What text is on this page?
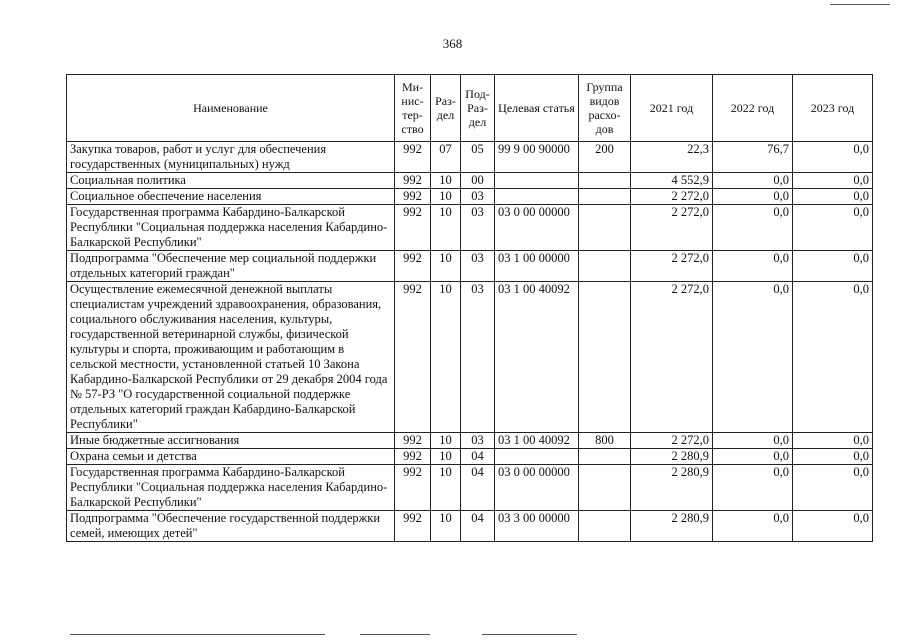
368
Наименование	Ми-нис-тер-ство	Раз-дел	Под-Раз-дел	Целевая статья	Группа видов расхо-дов	2021 год	2022 год	2023 год
Закупка товаров, работ и услуг для обеспечения государственных (муниципальных) нужд	992	07	05	99 9 00 90000	200	22,3	76,7	0,0
Социальная политика	992	10	00			4 552,9	0,0	0,0
Социальное обеспечение населения	992	10	03			2 272,0	0,0	0,0
Государственная программа Кабардино-Балкарской Республики "Социальная поддержка населения Кабардино-Балкарской Республики"	992	10	03	03 0 00 00000		2 272,0	0,0	0,0
Подпрограмма "Обеспечение мер социальной поддержки отдельных категорий граждан"	992	10	03	03 1 00 00000		2 272,0	0,0	0,0
Осуществление ежемесячной денежной выплаты специалистам учреждений здравоохранения, образования, социального обслуживания населения, культуры, государственной ветеринарной службы, физической культуры и спорта, проживающим и работающим в сельской местности, установленной статьей 10 Закона Кабардино-Балкарской Республики от 29 декабря 2004 года № 57-РЗ "О государственной социальной поддержке отдельных категорий граждан Кабардино-Балкарской Республики"	992	10	03	03 1 00 40092		2 272,0	0,0	0,0
Иные бюджетные ассигнования	992	10	03	03 1 00 40092	800	2 272,0	0,0	0,0
Охрана семьи и детства	992	10	04			2 280,9	0,0	0,0
Государственная программа Кабардино-Балкарской Республики "Социальная поддержка населения Кабардино-Балкарской Республики"	992	10	04	03 0 00 00000		2 280,9	0,0	0,0
Подпрограмма "Обеспечение государственной поддержки семей, имеющих детей"	992	10	04	03 3 00 00000		2 280,9	0,0	0,0
